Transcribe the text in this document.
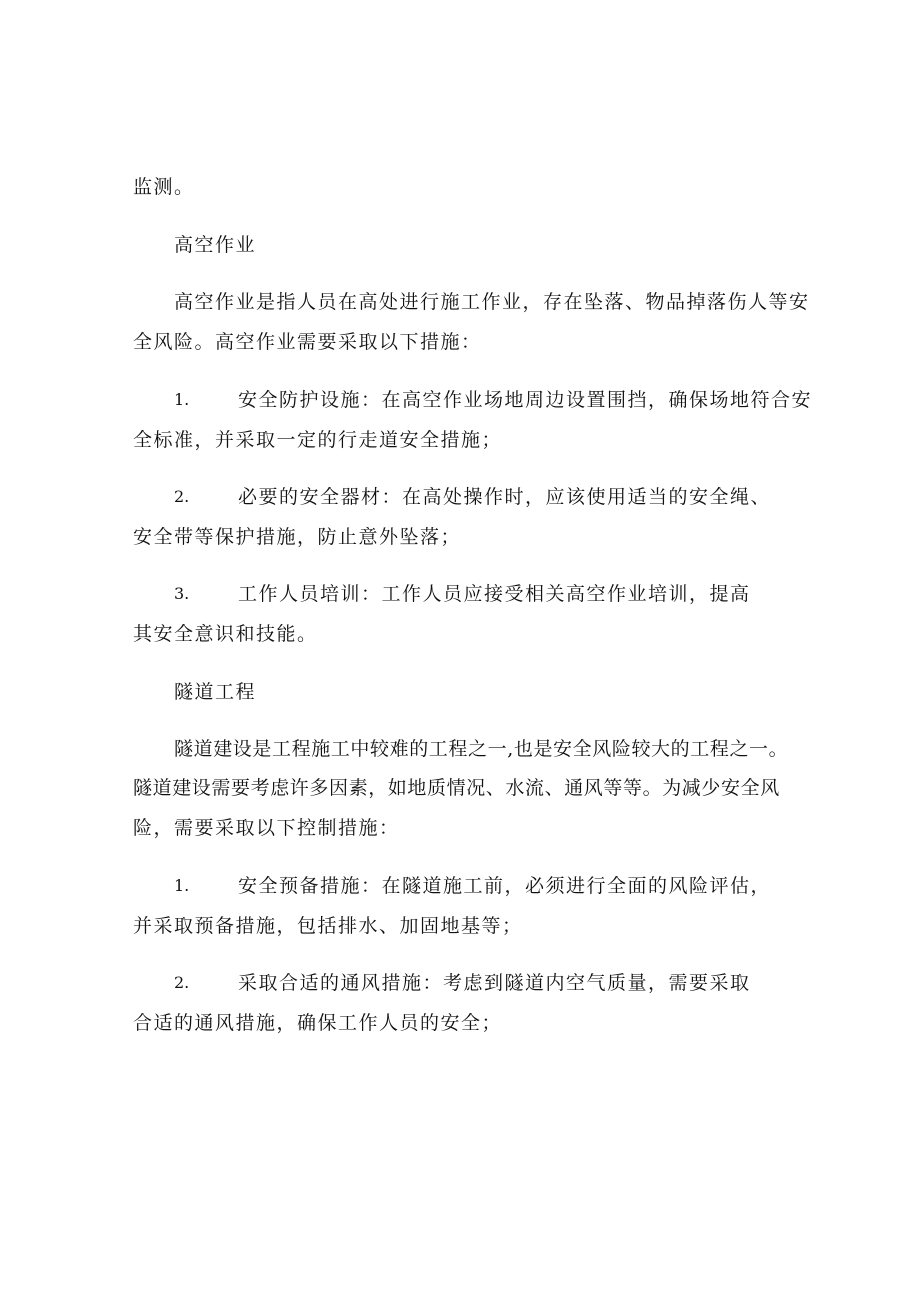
监测。
高空作业
高空作业是指人员在高处进行施工作业，存在坠落、物品掉落伤人等安
全风险。高空作业需要采取以下措施：
1.	安全防护设施：在高空作业场地周边设置围挡，确保场地符合安
全标准，并采取一定的行走道安全措施；
2.	必要的安全器材：在高处操作时，应该使用适当的安全绳、
安全带等保护措施，防止意外坠落；
3.	工作人员培训：工作人员应接受相关高空作业培训，提高
其安全意识和技能。
隧道工程
隧道建设是工程施工中较难的工程之一,也是安全风险较大的工程之一。
隧道建设需要考虑许多因素，如地质情况、水流、通风等等。为减少安全风
险，需要采取以下控制措施：
1.	安全预备措施：在隧道施工前，必须进行全面的风险评估，
并采取预备措施，包括排水、加固地基等；
2.	采取合适的通风措施：考虑到隧道内空气质量，需要采取
合适的通风措施，确保工作人员的安全；
